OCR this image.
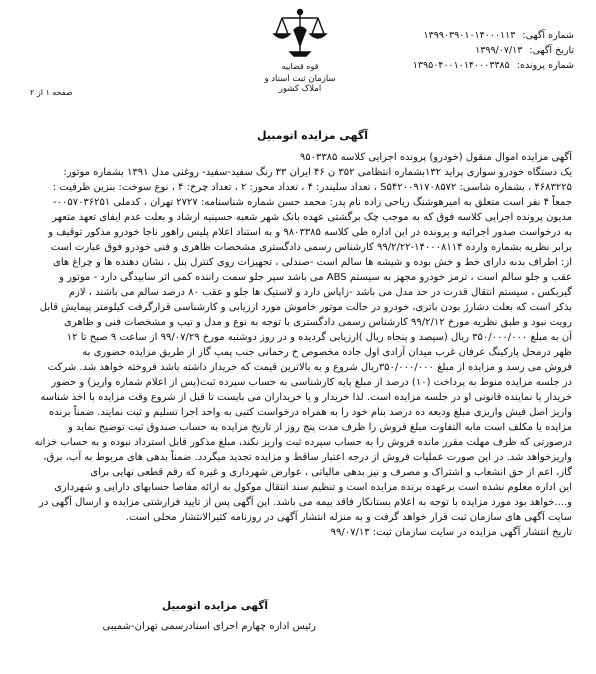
قوه قضاییه
سازمان ثبت اسناد و املاک کشور
شماره آگهی: ۱۳۹۹۰۳۹۰۱۰۱۴۰۰۰۱۱۳
تاریخ آگهی: ۱۳۹۹/۰۷/۱۳
شماره پرونده: ۱۳۹۵۰۴۰۰۱۰۱۴۰۰۰۳۳۸۵
صفحه ۱ از ۲
آگهی مزایده اتومبیل
آگهی مزایده اموال منقول (خودرو) پرونده اجرایی کلاسه ۹۵۰۳۳۸۵
یک دستگاه خودرو سواری پراید ۱۳۲بشماره انتظامی ۳۵۲ ن ۴۶ ایران ۳۳ رنگ سفید-سفید- روغنی مدل ۱۳۹۱ بشماره موتور:
۴۶۸۳۲۲۵ ، بشماره شاسی: S۵۴۲۰۰۹۱۷۰۸۵۷۲ ، تعداد سلیندر: ۴ ، تعداد محور: ۲ ، تعداد چرخ: ۴ ، نوع سوخت: بنزین ظرفیت :
جمعاً ۴ نفر است متعلق به امیرهوشنگ ریاحی زاده نام پدر: محمد حسن شماره شناسنامه: ۲۷۲۷ تهران ، کدملی ۰۰۵۷۰۳۶۲۵۱-
مدیون پرونده اجرایی کلاسه فوق که به موجب چک برگشتی عهده بانک شهر شعبه حسینیه ارشاد و بعلت عدم ایفای تعهد متعهر
به درخواست صدور اجرائیه و پرونده در این اداره طی کلاسه ۹۸۰۳۳۸۵ و به استناد اعلام پلیس راهور ناجا خودرو مذکور توقیف و
برابر نظریه بشماره وارده ۱۴۰۰۰۸۱۱۴-۹۹/۲/۲۲ کارشناس رسمی دادگستری مشخصات ظاهری و فنی خودرو فوق عبارت است
از: اطراف بدنه دارای خط و خش بوده و شیشه ها سالم است -صندلی ، تجهیزات روی کنترل پنل ، نشان دهنده ها و چراغ های
عقب و جلو سالم است ، ترمز خودرو مجهز به سیستم ABS می باشد سپر جلو سمت راننده کمی اثر سابیدگی دارد - موتور و
گیربکس ، سیستم انتقال قدرت در حد مدل می باشد -زاپاس دارد و لاستیک ها جلو و عقب ۸۰ درصد سالم می باشند ، لازم
بذکر است که بعلت دشارژ بودن باتری، خودرو در حالت موتور خاموش مورد ارزیابی و کارشناسی قرارگرفت کیلومتر پیمایش قابل
رویت نبود و طبق نظریه مورخ ۹۹/۲/۱۲ کارشناس رسمی دادگستری با توجه به نوع و مدل و تیپ و مشخصات فنی و ظاهری
آن به مبلغ ۳۵۰/۰۰۰/۰۰۰ ریال (سیصد و پنجاه ریال )ارزیابی گردیده و در روز دوشنبه مورخ ۹۹/۰۷/۲۹ از ساعت ۹ صبح تا ۱۲
ظهر درمحل پارکینگ عرفان غرب میدان آزادی اول جاده مخصوص خ رحمانی جنب پمپ گاز از طریق مزایده حضوری به
فروش می رسد و مزایده از مبلغ ۳۵۰/۰۰۰/۰۰۰ریال شروع و به بالاترین قیمت که خریدار داشته باشد فروخته خواهد شد. شرکت
در جلسه مزایده منوط به پرداخت (۱۰) درصد از مبلغ پایه کارشناسی به حساب سپرده ثبت(پس از اعلام شماره واریز) و حضور
خریدار یا نماینده قانونی او در جلسه مزایده است. لذا خریدار و یا خریداران می بایست تا قبل از شروع وقت مزایده با اخذ شناسه
واریز اصل فیش واریزی مبلغ ودیعه ده درصد بنام خود را به همراه درخواست کتبی به واحد اجرا تسلیم و ثبت نمایند. ضمناً برنده
مزایده یا مکلف است مابه التفاوت مبلغ فروش را ظرف مدت پنج روز از تاریخ مزایده به حساب صندوق ثبت توضیح نماید و
درصورتی که ظرف مهلت مقرر مانده فروش را به حساب سپرده ثبت واریز نکند، مبلغ مذکور قابل استرداد نبوده و به حساب خزانه
واریزخواهد شد. در این صورت عملیات فروش از درجه اعتبار ساقط و مزایده تجدید میگردد. ضمناً بدهی های مربوط به آب، برق،
گاز، اعم از حق انشعاب و اشتراک و مصرف و نیز بدهی مالیاتی ، عوارض شهرداری و غیره که رقم قطعی نهایی برای
این اداره معلوم نشده است برعهده برنده مزایده است و تنظیم سند انتقال موکول به ارائه مفاصا حسابهای دارایی و شهرداری
و....خواهد بود مورد مزایده با توجه به اعلام بستانکار فاقد بیمه می باشد. این آگهی پس از تایید فرارشتی مزایده و ارسال آگهی در
سایت آگهی های سازمان ثبت قرار خواهد گرفت و به منزله انتشار آگهی در روزنامه کثیرالانتشار محلی است.
تاریخ انتشار آگهی مزایده در سایت سازمان ثبت: ۹۹/۰۷/۱۳
آگهی مزایده اتومبیل
رئیس اداره چهارم اجرای اسنادرسمی تهران-شمیبی
